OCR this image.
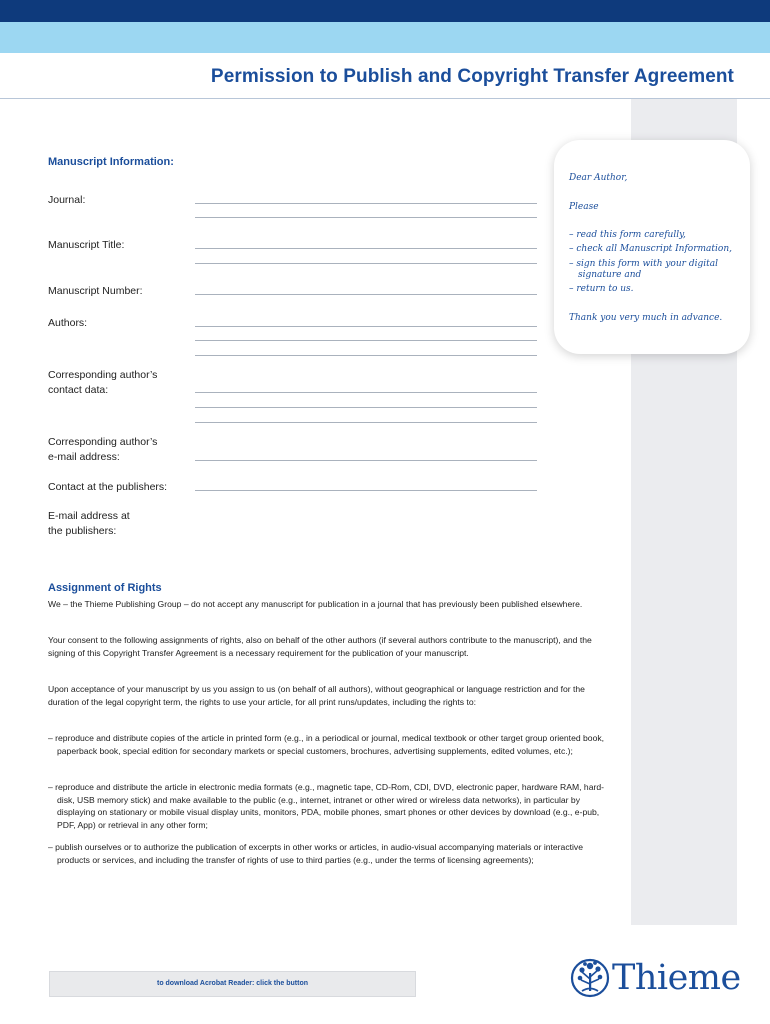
Permission to Publish and Copyright Transfer Agreement
Dear Author,
Please
– read this form carefully,
– check all Manuscript Information,
– sign this form with your digital
signature and
– return to us.
Thank you very much in advance.
Manuscript Information:
Journal:
Manuscript Title:
Manuscript Number:
Authors:
Corresponding author’s
contact data:
Corresponding author’s
e-mail address:
Contact at the publishers:
E-mail address at
the publishers:
Assignment of Rights

We – the Thieme Publishing Group – do not accept any manuscript for publication in a journal that has previously been published elsewhere.

Your consent to the following assignments of rights, also on behalf of the other authors (if several authors contribute to the manuscript), and the signing of this Copyright Transfer Agreement is a necessary requirement for the publication of your manuscript.

Upon acceptance of your manuscript by us you assign to us (on behalf of all authors), without geographical or language restriction and for the duration of the legal copyright term, the rights to use your article, for all print runs/updates, including the rights to:

– reproduce and distribute copies of the article in printed form (e.g., in a periodical or journal, medical textbook or other target group oriented book, paperback book, special edition for secondary markets or special customers, brochures, advertising supplements, edited volumes, etc.);

– reproduce and distribute the article in electronic media formats (e.g., magnetic tape, CD-Rom, CDI, DVD, electronic paper, hardware RAM, hard-disk, USB memory stick) and make available to the public (e.g., internet, intranet or other wired or wireless data networks), in particular by displaying on stationary or mobile visual display units, monitors, PDA, mobile phones, smart phones or other devices by download (e.g., e-pub, PDF, App) or retrieval in any other form;

– publish ourselves or to authorize the publication of excerpts in other works or articles, in audio-visual accompanying materials or interactive products or services, and including the transfer of rights of use to third parties (e.g., under the terms of licensing agreements);

to download Acrobat Reader: click the button	Thieme
